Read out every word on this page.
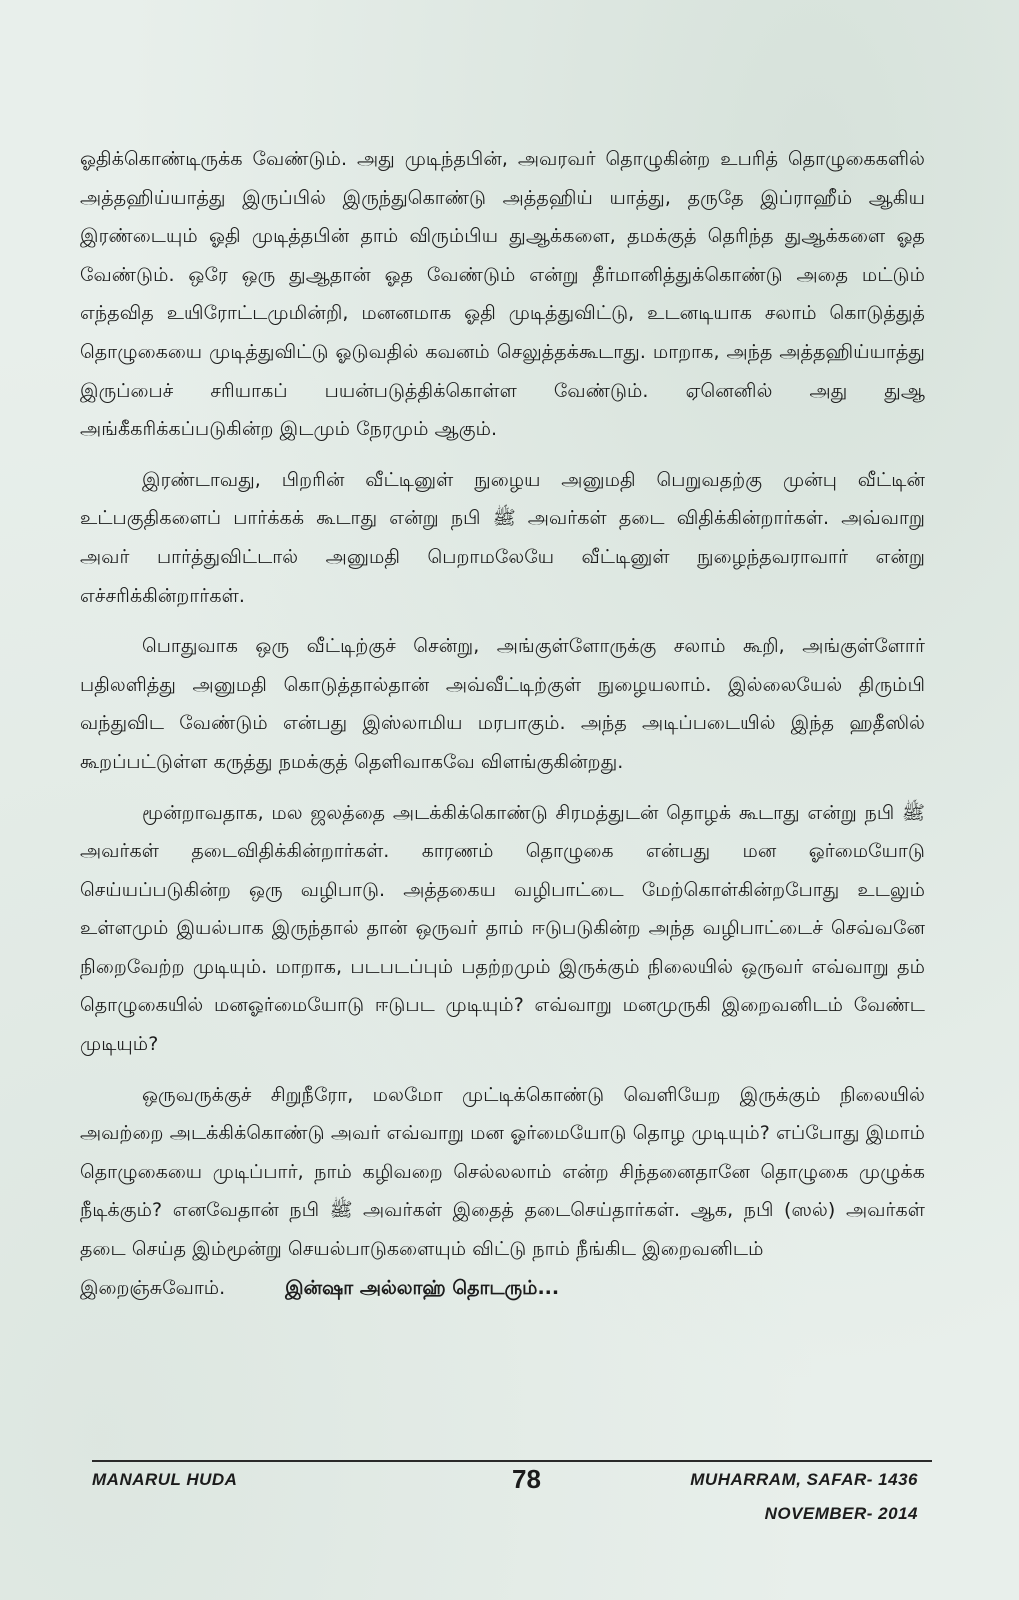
ஓதிக்கொண்டிருக்க வேண்டும். அது முடிந்தபின், அவரவர் தொழுகின்ற உபரித் தொழுகைகளில் அத்தஹிய்யாத்து இருப்பில் இருந்துகொண்டு அத்தஹிய் யாத்து, தருதே இப்ராஹீம் ஆகிய இரண்டையும் ஓதி முடித்தபின் தாம் விரும்பிய துஆக்களை, தமக்குத் தெரிந்த துஆக்களை ஓத வேண்டும். ஒரே ஒரு துஆதான் ஓத வேண்டும் என்று தீர்மானித்துக்கொண்டு அதை மட்டும் எந்தவித உயிரோட்டமுமின்றி, மனனமாக ஓதி முடித்துவிட்டு, உடனடியாக சலாம் கொடுத்துத் தொழுகையை முடித்துவிட்டு ஓடுவதில் கவனம் செலுத்தக்கூடாது. மாறாக, அந்த அத்தஹிய்யாத்து இருப்பைச் சரியாகப் பயன்படுத்திக்கொள்ள வேண்டும். ஏனெனில் அது துஆ அங்கீகரிக்கப்படுகின்ற இடமும் நேரமும் ஆகும்.

இரண்டாவது, பிறரின் வீட்டினுள் நுழைய அனுமதி பெறுவதற்கு முன்பு வீட்டின் உட்பகுதிகளைப் பார்க்கக் கூடாது என்று நபி ﷺ அவர்கள் தடை விதிக்கின்றார்கள். அவ்வாறு அவர் பார்த்துவிட்டால் அனுமதி பெறாமலேயே வீட்டினுள் நுழைந்தவராவார் என்று எச்சரிக்கின்றார்கள்.

பொதுவாக ஒரு வீட்டிற்குச் சென்று, அங்குள்ளோருக்கு சலாம் கூறி, அங்குள்ளோர் பதிலளித்து அனுமதி கொடுத்தால்தான் அவ்வீட்டிற்குள் நுழையலாம். இல்லையேல் திரும்பி வந்துவிட வேண்டும் என்பது இஸ்லாமிய மரபாகும். அந்த அடிப்படையில் இந்த ஹதீஸில் கூறப்பட்டுள்ள கருத்து நமக்குத் தெளிவாகவே விளங்குகின்றது.

மூன்றாவதாக, மல ஜலத்தை அடக்கிக்கொண்டு சிரமத்துடன் தொழக் கூடாது என்று நபி ﷺ அவர்கள் தடைவிதிக்கின்றார்கள். காரணம் தொழுகை என்பது மன ஓர்மையோடு செய்யப்படுகின்ற ஒரு வழிபாடு. அத்தகைய வழிபாட்டை மேற்கொள்கின்றபோது உடலும் உள்ளமும் இயல்பாக இருந்தால் தான் ஒருவர் தாம் ஈடுபடுகின்ற அந்த வழிபாட்டைச் செவ்வனே நிறைவேற்ற முடியும். மாறாக, படபடப்பும் பதற்றமும் இருக்கும் நிலையில் ஒருவர் எவ்வாறு தம் தொழுகையில் மனஓர்மையோடு ஈடுபட முடியும்? எவ்வாறு மனமுருகி இறைவனிடம் வேண்ட முடியும்?

ஒருவருக்குச் சிறுநீரோ, மலமோ முட்டிக்கொண்டு வெளியேற இருக்கும் நிலையில் அவற்றை அடக்கிக்கொண்டு அவர் எவ்வாறு மன ஓர்மையோடு தொழ முடியும்? எப்போது இமாம் தொழுகையை முடிப்பார், நாம் கழிவறை செல்லலாம் என்ற சிந்தனைதானே தொழுகை முழுக்க நீடிக்கும்? எனவேதான் நபி ﷺ அவர்கள் இதைத் தடைசெய்தார்கள். ஆக, நபி (ஸல்) அவர்கள் தடை செய்த இம்மூன்று செயல்பாடுகளையும் விட்டு நாம் நீங்கிட இறைவனிடம்

இறைஞ்சுவோம்.	இன்ஷா அல்லாஹ் தொடரும்...
MANARUL HUDA	78	MUHARRAM, SAFAR- 1436
NOVEMBER- 2014
